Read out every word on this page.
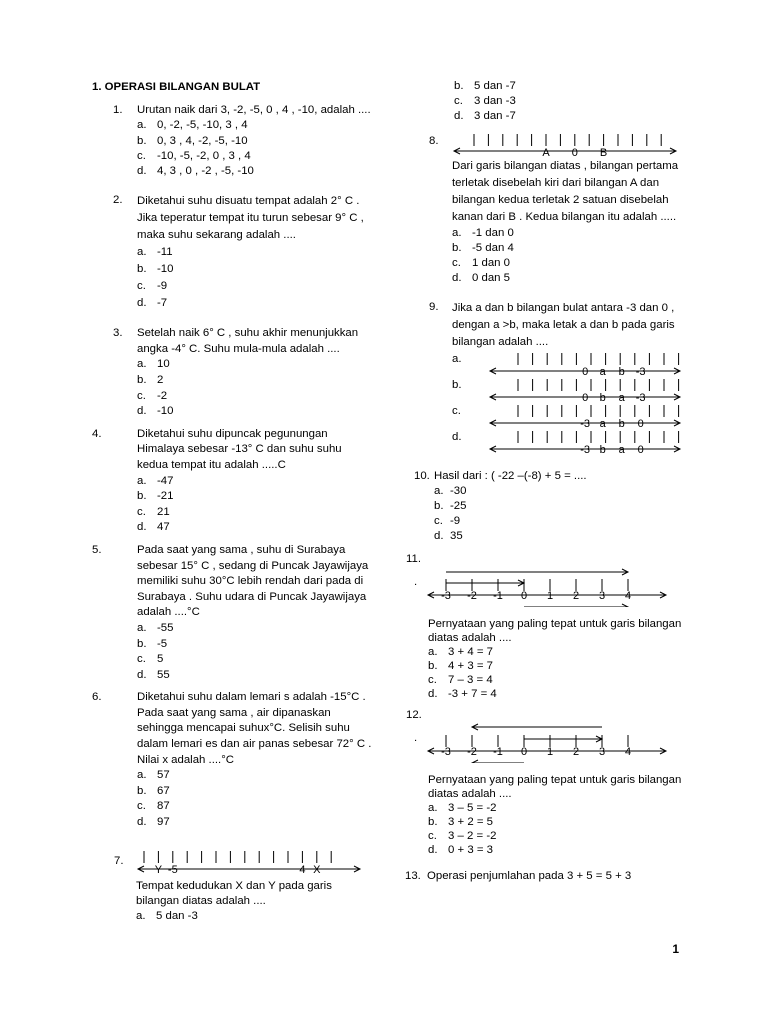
1. OPERASI BILANGAN BULAT
1. Urutan naik dari 3, -2, -5, 0 , 4 , -10, adalah ....
a. 0, -2, -5, -10, 3 , 4
b. 0, 3 , 4, -2, -5, -10
c. -10, -5, -2, 0 , 3 , 4
d. 4, 3 , 0 , -2 , -5, -10
2. Diketahui suhu disuatu tempat adalah 2° C . Jika teperatur tempat itu turun sebesar 9° C , maka suhu sekarang adalah ....
a. -11
b. -10
c. -9
d. -7
3. Setelah naik 6° C , suhu akhir menunjukkan angka -4° C. Suhu mula-mula adalah ....
a. 10
b. 2
c. -2
d. -10
4.	Diketahui suhu dipuncak pegunungan Himalaya sebesar -13° C dan suhu suhu kedua tempat itu adalah .....C
a. -47
b. -21
c. 21
d. 47
5.	Pada saat yang sama , suhu di Surabaya sebesar 15° C , sedang di Puncak Jayawijaya memiliki suhu 30°C lebih rendah dari pada di Surabaya . Suhu udara di Puncak Jayawijaya adalah ....°C
a. -55
b. -5
c. 5
d. 55
6.	Diketahui suhu dalam lemari s adalah -15°C . Pada saat yang sama , air dipanaskan sehingga mencapai suhux°C. Selisih suhu dalam lemari es dan air panas sebesar 72° C . Nilai x adalah ....°C
a. 57
b. 67
c. 87
d. 97
7.
Y -5	4 X
Tempat kedudukan X dan Y pada garis bilangan diatas adalah ....
a. 5 dan -3
b. 5 dan -7
c. 3 dan -3
d. 3 dan -7
8.
A 0 B
Dari garis bilangan diatas , bilangan pertama terletak disebelah kiri dari bilangan A dan bilangan kedua terletak 2 satuan disebelah kanan dari B . Kedua bilangan itu adalah .....
a. -1 dan 0
b. -5 dan 4
c. 1 dan 0
d. 0 dan 5
9. Jika a dan b bilangan bulat antara -3 dan 0 , dengan a >b, maka letak a dan b pada garis bilangan adalah ....
a.
0 a b -3
b.
0 b a -3
c.
-3 a b 0
d.
-3 b a 0
10. Hasil dari : ( -22 –(-8) + 5 = ....
a. -30
b. -25
c. -9
d. 35
11.
.
-3 -2 -1 0 1 2 3 4
Pernyataan yang paling tepat untuk garis bilangan diatas adalah ....
a. 3 + 4 = 7
b. 4 + 3 = 7
c. 7 – 3 = 4
d. -3 + 7 = 4
12.
.
-3 -2 -1 0 1 2 3 4
Pernyataan yang paling tepat untuk garis bilangan diatas adalah ....
a. 3 – 5 = -2
b. 3 + 2 = 5
c. 3 – 2 = -2
d. 0 + 3 = 3
13. Operasi penjumlahan pada 3 + 5 = 5 + 3
1
